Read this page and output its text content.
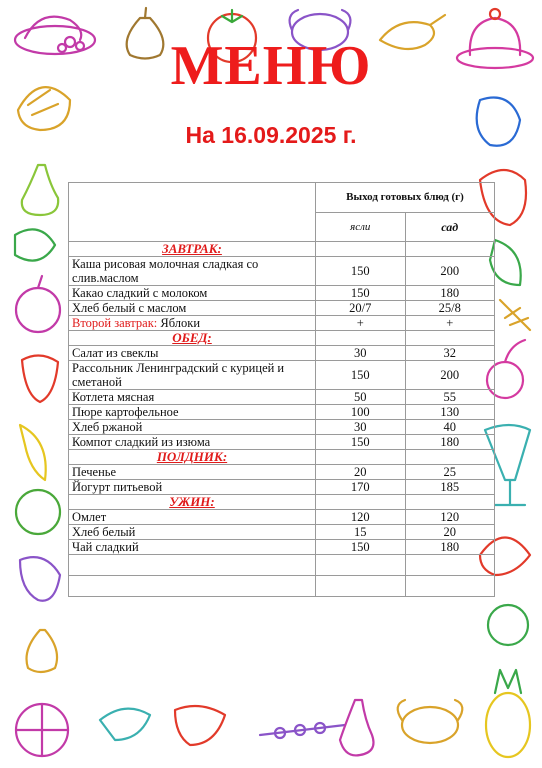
МЕНЮ
На 16.09.2025 г.
	Выход готовых блюд (г)	
	ясли	сад
ЗАВТРАК:		
Каша рисовая молочная сладкая со слив.маслом	150	200
Какао сладкий с молоком	150	180
Хлеб белый с маслом	20/7	25/8
Второй завтрак: Яблоки	+	+
ОБЕД:		
Салат из свеклы	30	32
Рассольник Ленинградский с курицей и сметаной	150	200
Котлета мясная	50	55
Пюре картофельное	100	130
Хлеб ржаной	30	40
Компот сладкий из изюма	150	180
ПОЛДНИК:		
Печенье	20	25
Йогурт питьевой	170	185
УЖИН:		
Омлет	120	120
Хлеб белый	15	20
Чай сладкий	150	180
